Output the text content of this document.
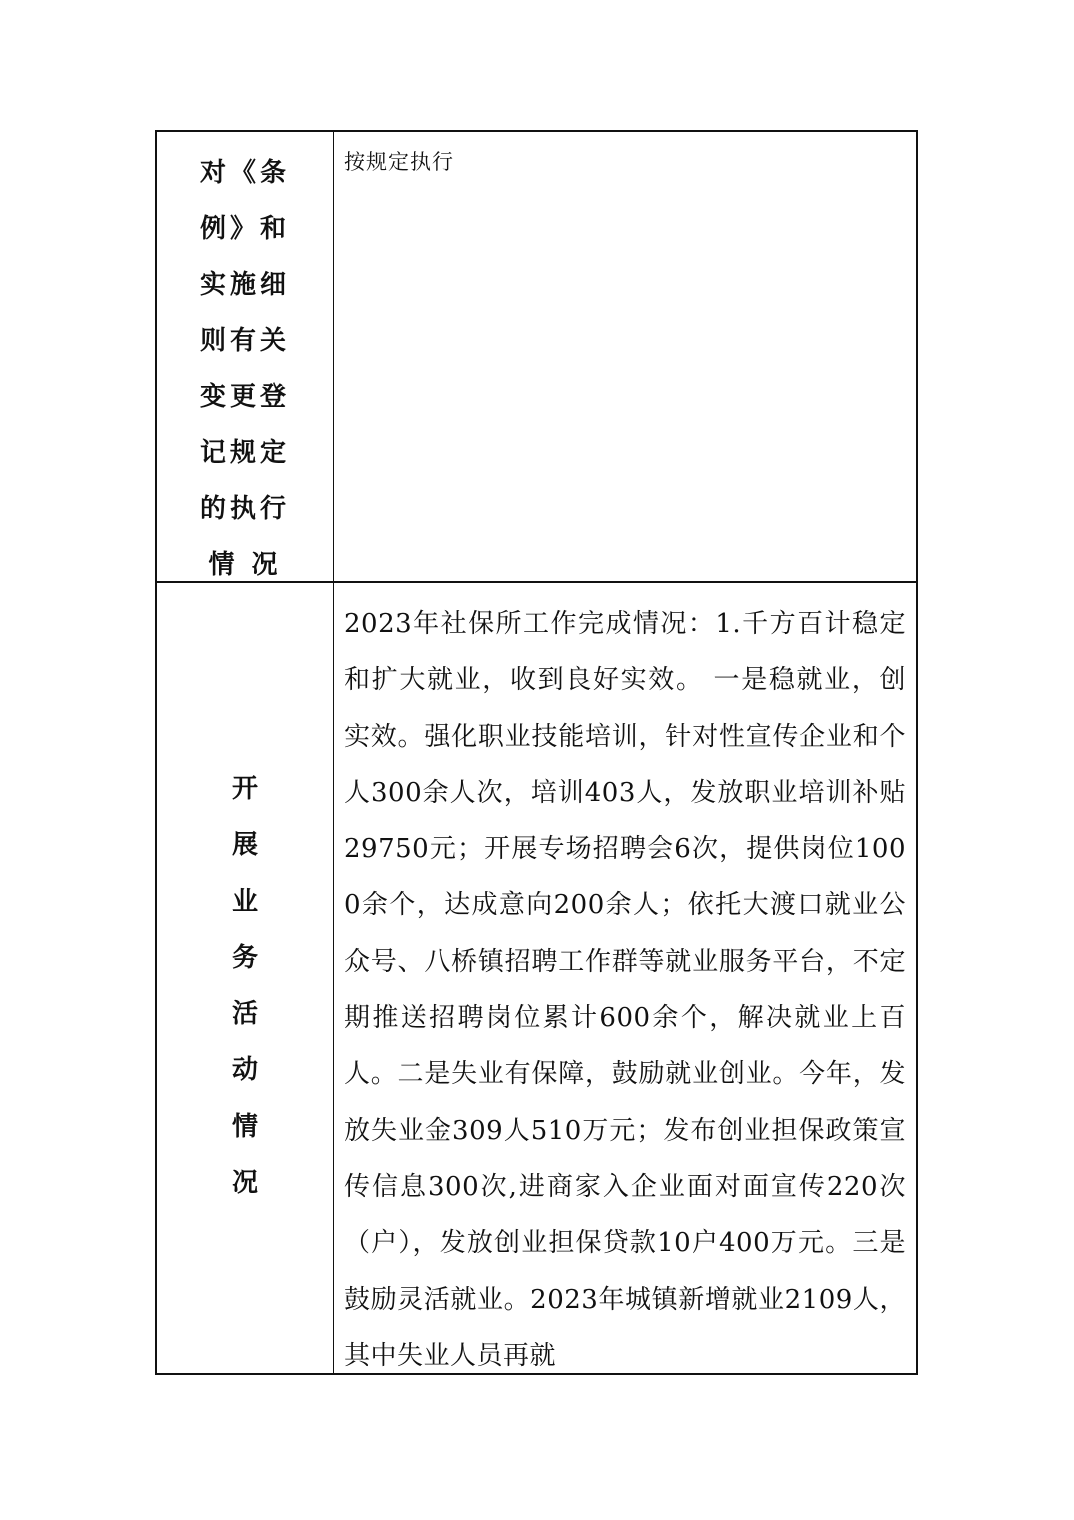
对《条
例》和
实施细
则有关
变更登
记规定
的执行
情 况
按规定执行
开
展
业
务
活
动
情
况
2023年社保所工作完成情况：1.千方百计稳定和扩大就业，收到良好实效。 一是稳就业，创实效。强化职业技能培训，针对性宣传企业和个人300余人次，培训403人，发放职业培训补贴29750元；开展专场招聘会6次，提供岗位1000余个，达成意向200余人；依托大渡口就业公众号、八桥镇招聘工作群等就业服务平台，不定期推送招聘岗位累计600余个，解决就业上百人。二是失业有保障，鼓励就业创业。今年，发放失业金309人510万元；发布创业担保政策宣传信息300次,进商家入企业面对面宣传220次（户），发放创业担保贷款10户400万元。三是鼓励灵活就业。2023年城镇新增就业2109人，其中失业人员再就
